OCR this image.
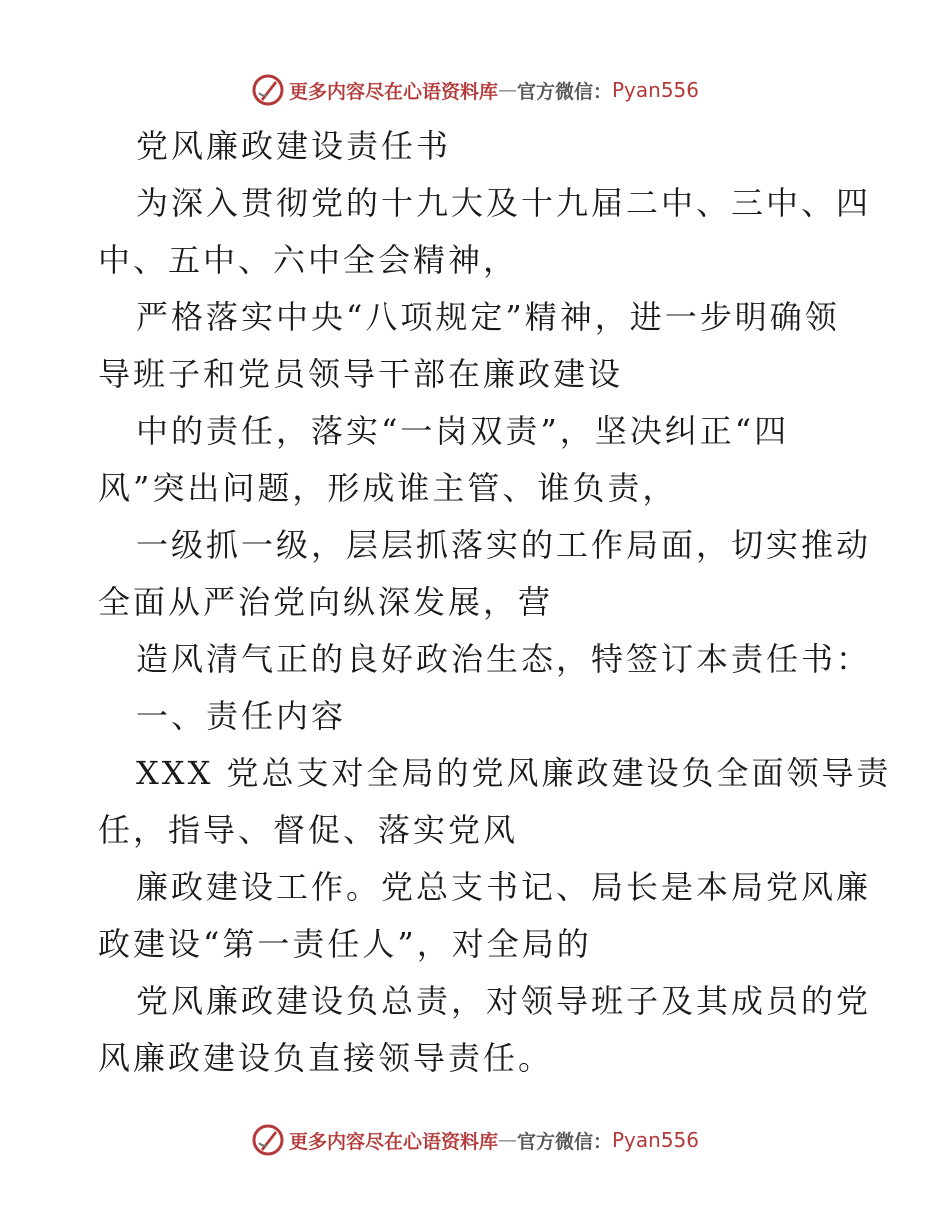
更多内容尽在心语资料库 — 官方微信： Pyan556

党风廉政建设责任书

为深入贯彻党的十九大及十九届二中、三中、四

中、五中、六中全会精神，

严格落实中央“八项规定”精神，进一步明确领

导班子和党员领导干部在廉政建设

中的责任，落实“一岗双责”，坚决纠正“四

风”突出问题，形成谁主管、谁负责，

一级抓一级，层层抓落实的工作局面，切实推动

全面从严治党向纵深发展，营

造风清气正的良好政治生态，特签订本责任书：

一、责任内容

XXX 党总支对全局的党风廉政建设负全面领导责

任，指导、督促、落实党风

廉政建设工作。党总支书记、局长是本局党风廉

政建设“第一责任人”，对全局的

党风廉政建设负总责，对领导班子及其成员的党

风廉政建设负直接领导责任。

更多内容尽在心语资料库 — 官方微信： Pyan556
